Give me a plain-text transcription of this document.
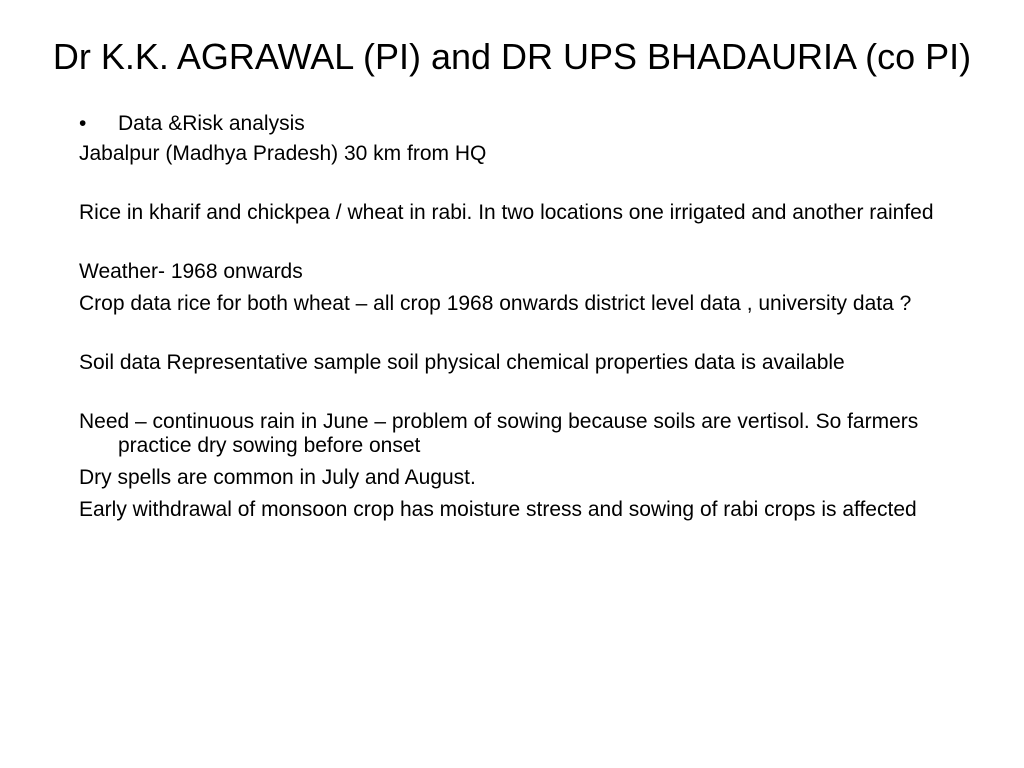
Dr K.K. AGRAWAL (PI) and DR UPS BHADAURIA (co PI)

•	Data &Risk analysis

Jabalpur (Madhya Pradesh) 30 km from HQ

Rice in kharif and chickpea / wheat in rabi. In two locations one irrigated and another rainfed

Weather- 1968 onwards

Crop data rice for both wheat – all crop 1968 onwards district level data , university data ?

Soil data Representative sample soil physical chemical properties data is available

Need – continuous rain in June – problem of sowing because soils are vertisol. So farmers practice dry sowing before onset

Dry spells are common in July and August.

Early withdrawal of monsoon crop has moisture stress and sowing of rabi crops is affected
